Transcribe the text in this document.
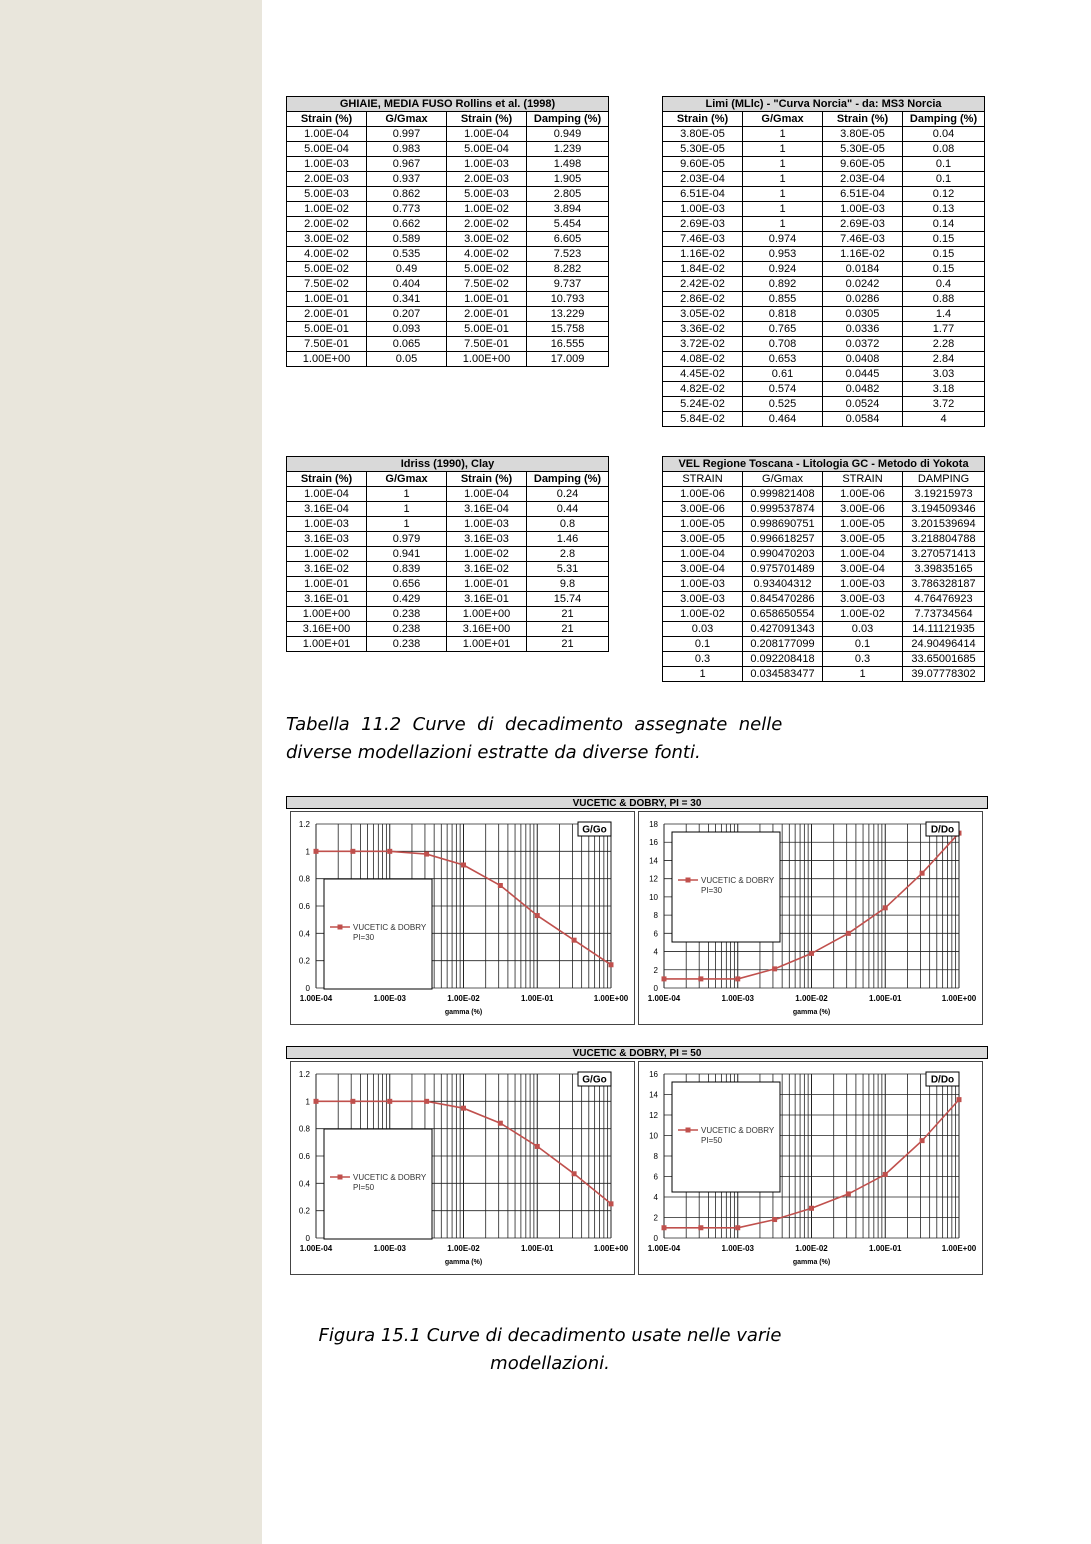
GHIAIE, MEDIA FUSO Rollins et al. (1998)			
Strain (%)	G/Gmax	Strain (%)	Damping (%)
1.00E-04	0.997	1.00E-04	0.949
5.00E-04	0.983	5.00E-04	1.239
1.00E-03	0.967	1.00E-03	1.498
2.00E-03	0.937	2.00E-03	1.905
5.00E-03	0.862	5.00E-03	2.805
1.00E-02	0.773	1.00E-02	3.894
2.00E-02	0.662	2.00E-02	5.454
3.00E-02	0.589	3.00E-02	6.605
4.00E-02	0.535	4.00E-02	7.523
5.00E-02	0.49	5.00E-02	8.282
7.50E-02	0.404	7.50E-02	9.737
1.00E-01	0.341	1.00E-01	10.793
2.00E-01	0.207	2.00E-01	13.229
5.00E-01	0.093	5.00E-01	15.758
7.50E-01	0.065	7.50E-01	16.555
1.00E+00	0.05	1.00E+00	17.009
Limi (MLlc) - "Curva Norcia" - da: MS3 Norcia			
Strain (%)	G/Gmax	Strain (%)	Damping (%)
3.80E-05	1	3.80E-05	0.04
5.30E-05	1	5.30E-05	0.08
9.60E-05	1	9.60E-05	0.1
2.03E-04	1	2.03E-04	0.1
6.51E-04	1	6.51E-04	0.12
1.00E-03	1	1.00E-03	0.13
2.69E-03	1	2.69E-03	0.14
7.46E-03	0.974	7.46E-03	0.15
1.16E-02	0.953	1.16E-02	0.15
1.84E-02	0.924	0.0184	0.15
2.42E-02	0.892	0.0242	0.4
2.86E-02	0.855	0.0286	0.88
3.05E-02	0.818	0.0305	1.4
3.36E-02	0.765	0.0336	1.77
3.72E-02	0.708	0.0372	2.28
4.08E-02	0.653	0.0408	2.84
4.45E-02	0.61	0.0445	3.03
4.82E-02	0.574	0.0482	3.18
5.24E-02	0.525	0.0524	3.72
5.84E-02	0.464	0.0584	4
Idriss (1990), Clay			
Strain (%)	G/Gmax	Strain (%)	Damping (%)
1.00E-04	1	1.00E-04	0.24
3.16E-04	1	3.16E-04	0.44
1.00E-03	1	1.00E-03	0.8
3.16E-03	0.979	3.16E-03	1.46
1.00E-02	0.941	1.00E-02	2.8
3.16E-02	0.839	3.16E-02	5.31
1.00E-01	0.656	1.00E-01	9.8
3.16E-01	0.429	3.16E-01	15.74
1.00E+00	0.238	1.00E+00	21
3.16E+00	0.238	3.16E+00	21
1.00E+01	0.238	1.00E+01	21
VEL Regione Toscana - Litologia GC - Metodo di Yokota			
STRAIN	G/Gmax	STRAIN	DAMPING
1.00E-06	0.999821408	1.00E-06	3.19215973
3.00E-06	0.999537874	3.00E-06	3.194509346
1.00E-05	0.998690751	1.00E-05	3.201539694
3.00E-05	0.996618257	3.00E-05	3.218804788
1.00E-04	0.990470203	1.00E-04	3.270571413
3.00E-04	0.975701489	3.00E-04	3.39835165
1.00E-03	0.93404312	1.00E-03	3.786328187
3.00E-03	0.845470286	3.00E-03	4.76476923
1.00E-02	0.658650554	1.00E-02	7.73734564
0.03	0.427091343	0.03	14.11121935
0.1	0.208177099	0.1	24.90496414
0.3	0.092208418	0.3	33.65001685
1	0.034583477	1	39.07778302
Tabella  11.2  Curve  di  decadimento  assegnate  nelle
diverse modellazioni estratte da diverse fonti.
VUCETIC & DOBRY, PI = 30
0
0.2
0.4
0.6
0.8
1
1.2
1.00E-04	1.00E-03	1.00E-02	1.00E-01	1.00E+00
gamma (%)
VUCETIC & DOBRY
PI=30
G/Go
0
2
4
6
8
10
12
14
16
18
1.00E-04	1.00E-03	1.00E-02	1.00E-01	1.00E+00
gamma (%)
VUCETIC & DOBRY
PI=30
D/Do
VUCETIC & DOBRY, PI = 50
0
0.2
0.4
0.6
0.8
1
1.2
1.00E-04	1.00E-03	1.00E-02	1.00E-01	1.00E+00
gamma (%)
VUCETIC & DOBRY
PI=50
G/Go
0
2
4
6
8
10
12
14
16
1.00E-04	1.00E-03	1.00E-02	1.00E-01	1.00E+00
gamma (%)
VUCETIC & DOBRY
PI=50
D/Do
Figura 15.1 Curve di decadimento usate nelle varie
modellazioni.
